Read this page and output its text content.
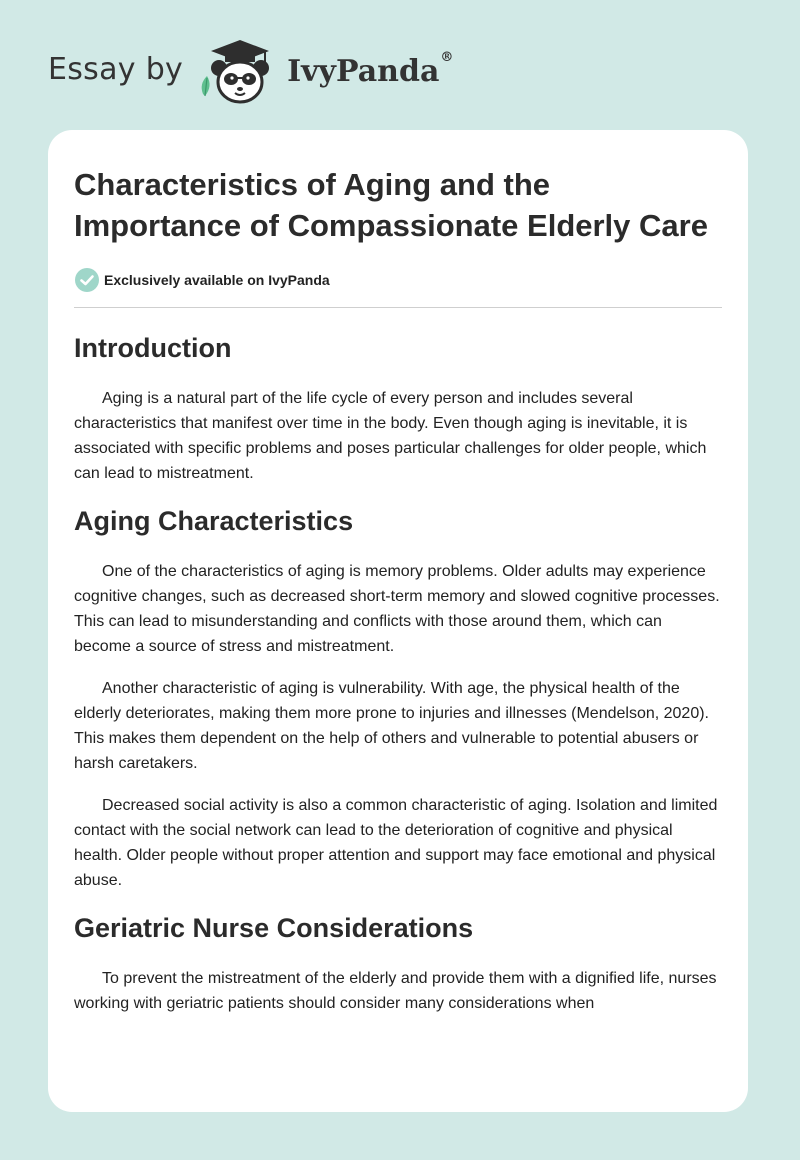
Essay by	IvyPanda®
Characteristics of Aging and the Importance of Compassionate Elderly Care
Exclusively available on IvyPanda
Introduction

Aging is a natural part of the life cycle of every person and includes several characteristics that manifest over time in the body. Even though aging is inevitable, it is associated with specific problems and poses particular challenges for older people, which can lead to mistreatment.

Aging Characteristics

One of the characteristics of aging is memory problems. Older adults may experience cognitive changes, such as decreased short-term memory and slowed cognitive processes. This can lead to misunderstanding and conflicts with those around them, which can become a source of stress and mistreatment.

Another characteristic of aging is vulnerability. With age, the physical health of the elderly deteriorates, making them more prone to injuries and illnesses (Mendelson, 2020). This makes them dependent on the help of others and vulnerable to potential abusers or harsh caretakers.

Decreased social activity is also a common characteristic of aging. Isolation and limited contact with the social network can lead to the deterioration of cognitive and physical health. Older people without proper attention and support may face emotional and physical abuse.

Geriatric Nurse Considerations

To prevent the mistreatment of the elderly and provide them with a dignified life, nurses working with geriatric patients should consider many considerations when
